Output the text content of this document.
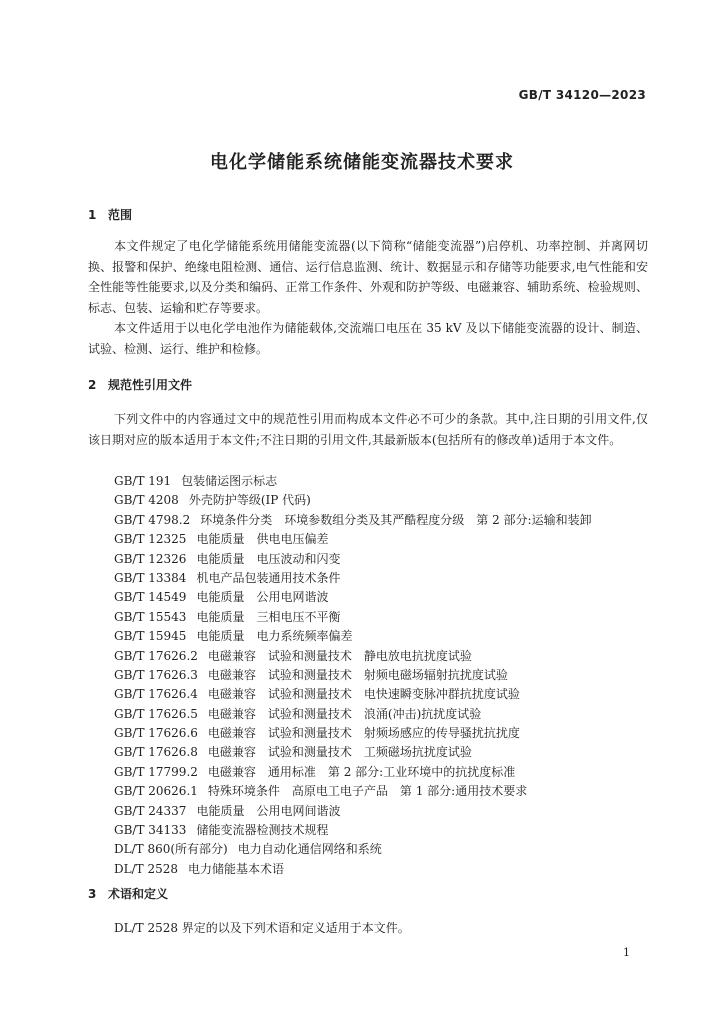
GB/T 34120—2023
电化学储能系统储能变流器技术要求
1 范围

本文件规定了电化学储能系统用储能变流器(以下简称“储能变流器”)启停机、功率控制、并离网切换、报警和保护、绝缘电阻检测、通信、运行信息监测、统计、数据显示和存储等功能要求,电气性能和安全性能等性能要求,以及分类和编码、正常工作条件、外观和防护等级、电磁兼容、辅助系统、检验规则、标志、包装、运输和贮存等要求。

本文件适用于以电化学电池作为储能载体,交流端口电压在 35 kV 及以下储能变流器的设计、制造、试验、检测、运行、维护和检修。

2 规范性引用文件

下列文件中的内容通过文中的规范性引用而构成本文件必不可少的条款。其中,注日期的引用文件,仅该日期对应的版本适用于本文件;不注日期的引用文件,其最新版本(包括所有的修改单)适用于本文件。

GB/T 191 包装储运图示标志
GB/T 4208 外壳防护等级(IP 代码)
GB/T 4798.2 环境条件分类　环境参数组分类及其严酷程度分级　第 2 部分:运输和装卸
GB/T 12325 电能质量　供电电压偏差
GB/T 12326 电能质量　电压波动和闪变
GB/T 13384 机电产品包装通用技术条件
GB/T 14549 电能质量　公用电网谐波
GB/T 15543 电能质量　三相电压不平衡
GB/T 15945 电能质量　电力系统频率偏差
GB/T 17626.2 电磁兼容　试验和测量技术　静电放电抗扰度试验
GB/T 17626.3 电磁兼容　试验和测量技术　射频电磁场辐射抗扰度试验
GB/T 17626.4 电磁兼容　试验和测量技术　电快速瞬变脉冲群抗扰度试验
GB/T 17626.5 电磁兼容　试验和测量技术　浪涌(冲击)抗扰度试验
GB/T 17626.6 电磁兼容　试验和测量技术　射频场感应的传导骚扰抗扰度
GB/T 17626.8 电磁兼容　试验和测量技术　工频磁场抗扰度试验
GB/T 17799.2 电磁兼容　通用标准　第 2 部分:工业环境中的抗扰度标准
GB/T 20626.1 特殊环境条件　高原电工电子产品　第 1 部分:通用技术要求
GB/T 24337 电能质量　公用电网间谐波
GB/T 34133 储能变流器检测技术规程
DL/T 860(所有部分) 电力自动化通信网络和系统
DL/T 2528 电力储能基本术语
3 术语和定义

DL/T 2528 界定的以及下列术语和定义适用于本文件。

1
